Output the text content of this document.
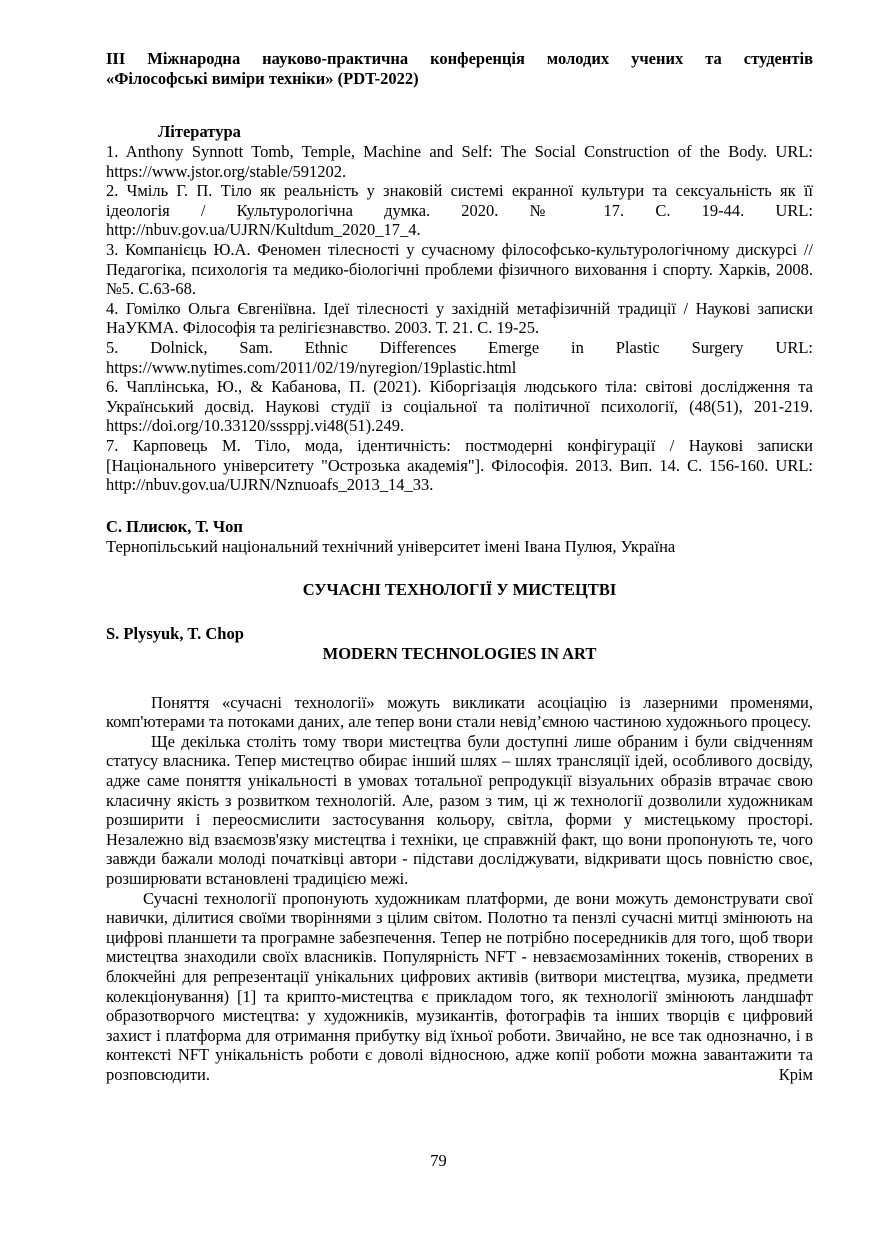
III Міжнародна науково-практична конференція молодих учених та студентів

«Філософські виміри техніки» (PDT-2022)

Література

1. Anthony Synnott Tomb, Temple, Machine and Self: The Social Construction of the Body. URL: https://www.jstor.org/stable/591202.

2. Чміль Г. П. Тіло як реальність у знаковій системі екранної культури та сексуальність як її ідеологія / Культурологічна думка. 2020. № 17. С. 19-44. URL: http://nbuv.gov.ua/UJRN/Kultdum_2020_17_4.

3. Компанієць Ю.А. Феномен тілесності у сучасному філософсько-культурологічному дискурсі // Педагогіка, психологія та медико-біологічні проблеми фізичного виховання і спорту. Харків, 2008. №5. С.63-68.

4. Гомілко Ольга Євгеніївна. Ідеї тілесності у західній метафізичній традиції / Наукові записки НаУКМА. Філософія та релігієзнавство. 2003. Т. 21. С. 19-25.

5. Dolnick, Sam. Ethnic Differences Emerge in Plastic Surgery URL: https://www.nytimes.com/2011/02/19/nyregion/19plastic.html

6. Чаплінська, Ю., & Кабанова, П. (2021). Кіборгізація людського тіла: світові дослідження та Український досвід. Наукові студії із соціальної та політичної психології, (48(51), 201-219. https://doi.org/10.33120/sssppj.vi48(51).249.

7. Карповець М. Тіло, мода, ідентичність: постмодерні конфігурації / Наукові записки [Національного університету "Острозька академія"]. Філософія. 2013. Вип. 14. С. 156-160. URL: http://nbuv.gov.ua/UJRN/Nznuoafs_2013_14_33.

С. Плисюк, Т. Чоп

Тернопільський національний технічний університет імені Івана Пулюя, Україна

СУЧАСНІ ТЕХНОЛОГІЇ У МИСТЕЦТВІ

S. Plysyuk, T. Chop

MODERN TECHNOLOGIES IN ART

Поняття «сучасні технології» можуть викликати асоціацію із лазерними променями, комп'ютерами та потоками даних, але тепер вони стали невід’ємною частиною художнього процесу.

Ще декілька століть тому твори мистецтва були доступні лише обраним і були свідченням статусу власника. Тепер мистецтво обирає інший шлях – шлях трансляції ідей, особливого досвіду, адже саме поняття унікальності в умовах тотальної репродукції візуальних образів втрачає свою класичну якість з розвитком технологій. Але, разом з тим, ці ж технології дозволили художникам розширити і переосмислити застосування кольору, світла, форми у мистецькому просторі. Незалежно від взаємозв'язку мистецтва і техніки, це справжній факт, що вони пропонують те, чого завжди бажали молоді початківці автори - підстави досліджувати, відкривати щось повністю своє, розширювати встановлені традицією межі.

Сучасні технології пропонують художникам платформи, де вони можуть демонструвати свої навички, ділитися своїми творіннями з цілим світом. Полотно та пензлі сучасні митці змінюють на цифрові планшети та програмне забезпечення. Тепер не потрібно посередників для того, щоб твори мистецтва знаходили своїх власників. Популярність NFT - невзаємозамінних токенів, створених в блокчейні для репрезентації унікальних цифрових активів (витвори мистецтва, музика, предмети колекціонування) [1] та крипто-мистецтва є прикладом того, як технології змінюють ландшафт образотворчого мистецтва: у художників, музикантів, фотографів та інших творців є цифровий захист і платформа для отримання прибутку від їхньої роботи. Звичайно, не все так однозначно, і в контексті NFT унікальність роботи є доволі відносною, адже копії роботи можна завантажити та розповсюдити. Крім

79
